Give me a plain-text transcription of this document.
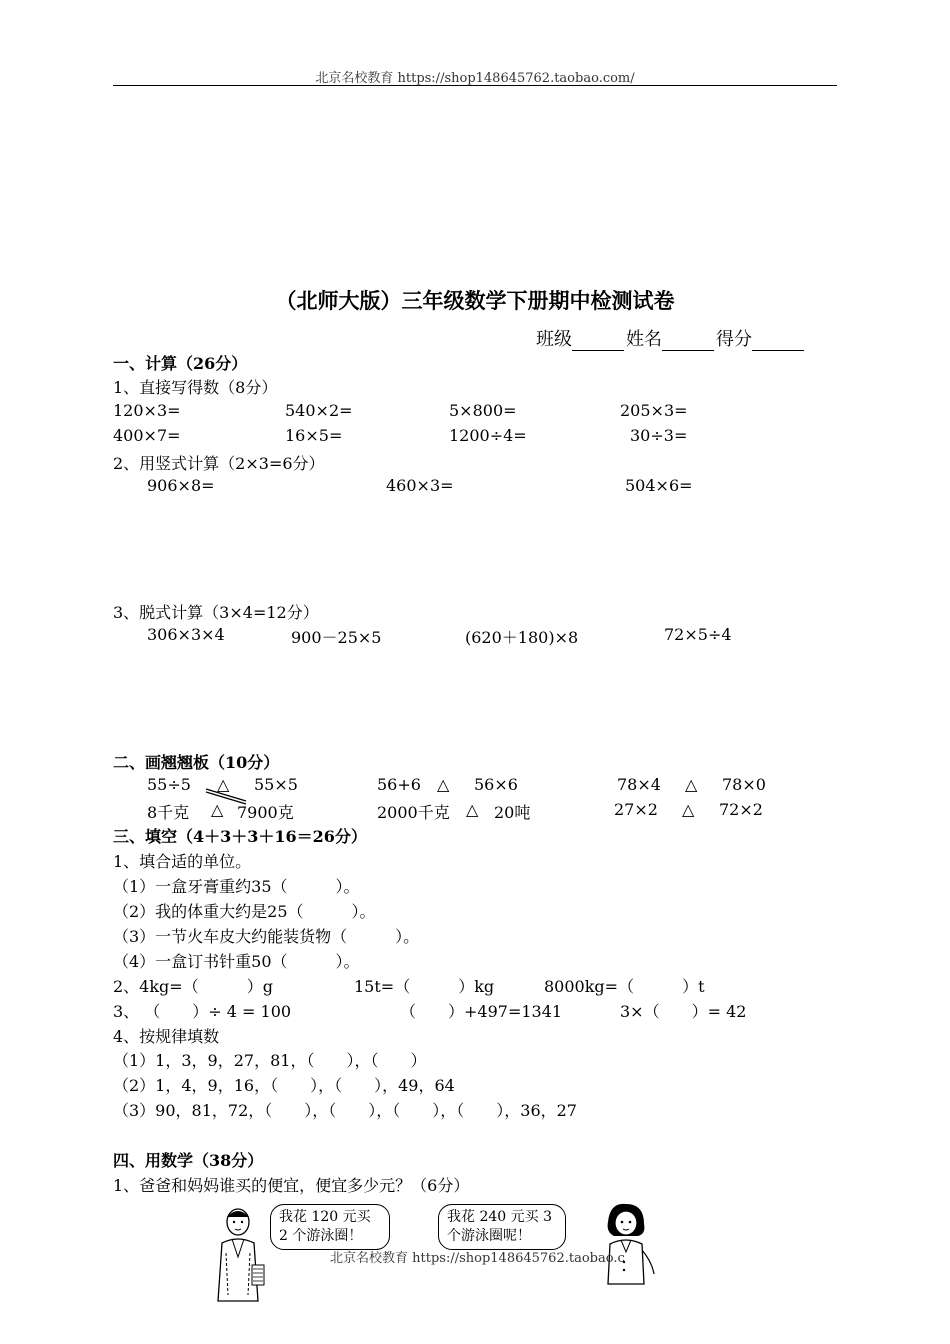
北京名校教育 https://shop148645762.taobao.com/
（北师大版）三年级数学下册期中检测试卷
班级	姓名	得分
一、计算（26分）
1、直接写得数（8分）
120×3=	540×2=	5×800=	205×3=
400×7=	16×5=	1200÷4=	30÷3=
2、用竖式计算（2×3=6分）
906×8=	460×3=	504×6=
3、脱式计算（3×4=12分）
306×3×4	900－25×5	(620＋180)×8	72×5÷4
二、画翘翘板（10分）
55÷5 △ 55×5	56+6 △ 56×6	78×4 △ 78×0
8千克 △ 7900克	2000千克 △ 20吨	27×2 △ 72×2
三、填空（4＋3＋3＋16＝26分）
1、填合适的单位。
（1）一盒牙膏重约35（　　　）。
（2）我的体重大约是25（　　　）。
（3）一节火车皮大约能装货物（　　　）。
（4）一盒订书针重50（　　　）。
2、4kg=（　　　）g	15t=（　　　）kg	8000kg=（　　　）t
3、 （　　）÷ 4 = 100	（　　）+497=1341	3×（　　）= 42
4、按规律填数
（1）1，3，9，27，81，（　　），（　　）
（2）1，4，9，16，（　　），（　　），49，64
（3）90，81，72，（　　），（　　），（　　），（　　），36，27
四、用数学（38分）
1、爸爸和妈妈谁买的便宜，便宜多少元？（6分）
我花 120 元买
2 个游泳圈！
我花 240 元买 3
个游泳圈呢！
北京名校教育 https://shop148645762.taobao.c
